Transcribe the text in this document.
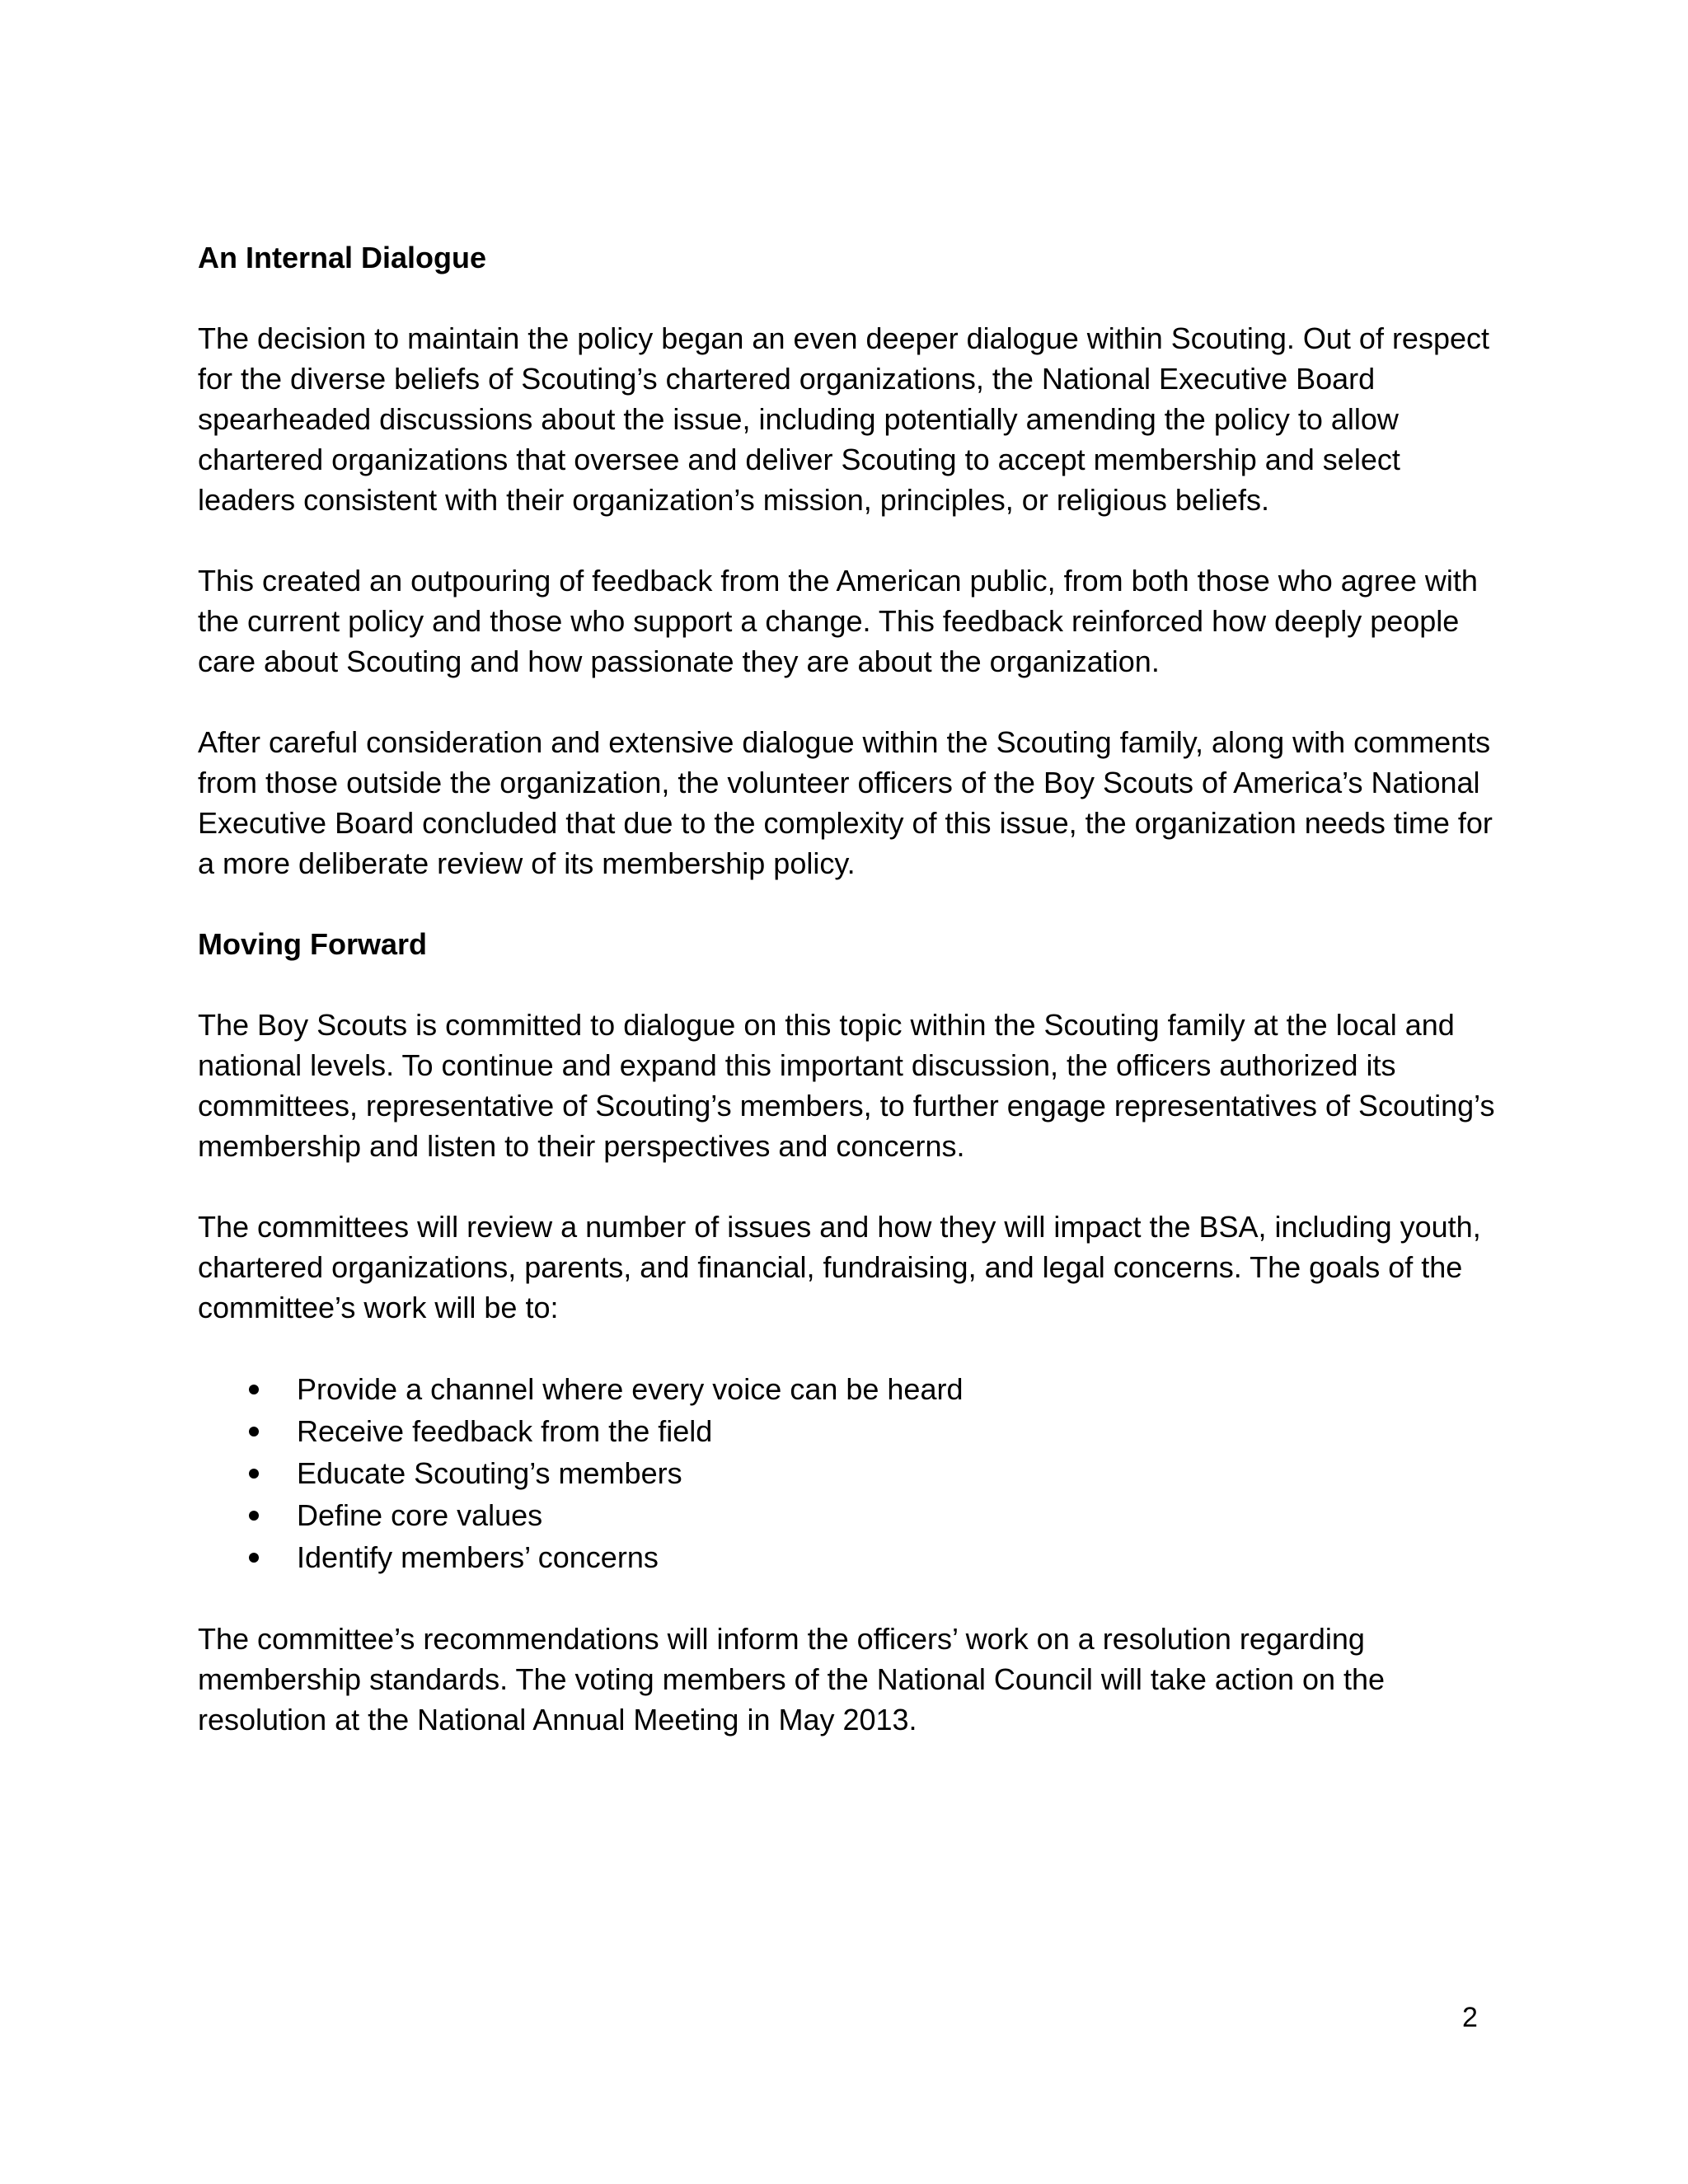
An Internal Dialogue

The decision to maintain the policy began an even deeper dialogue within Scouting. Out of respect for the diverse beliefs of Scouting’s chartered organizations, the National Executive Board spearheaded discussions about the issue, including potentially amending the policy to allow chartered organizations that oversee and deliver Scouting to accept membership and select leaders consistent with their organization’s mission, principles, or religious beliefs.

This created an outpouring of feedback from the American public, from both those who agree with the current policy and those who support a change. This feedback reinforced how deeply people care about Scouting and how passionate they are about the organization.

After careful consideration and extensive dialogue within the Scouting family, along with comments from those outside the organization, the volunteer officers of the Boy Scouts of America’s National Executive Board concluded that due to the complexity of this issue, the organization needs time for a more deliberate review of its membership policy.

Moving Forward

The Boy Scouts is committed to dialogue on this topic within the Scouting family at the local and national levels. To continue and expand this important discussion, the officers authorized its committees, representative of Scouting’s members, to further engage representatives of Scouting’s membership and listen to their perspectives and concerns.

The committees will review a number of issues and how they will impact the BSA, including youth, chartered organizations, parents, and financial, fundraising, and legal concerns. The goals of the committee’s work will be to:

Provide a channel where every voice can be heard
Receive feedback from the field
Educate Scouting’s members
Define core values
Identify members’ concerns

The committee’s recommendations will inform the officers’ work on a resolution regarding membership standards. The voting members of the National Council will take action on the resolution at the National Annual Meeting in May 2013.

2
